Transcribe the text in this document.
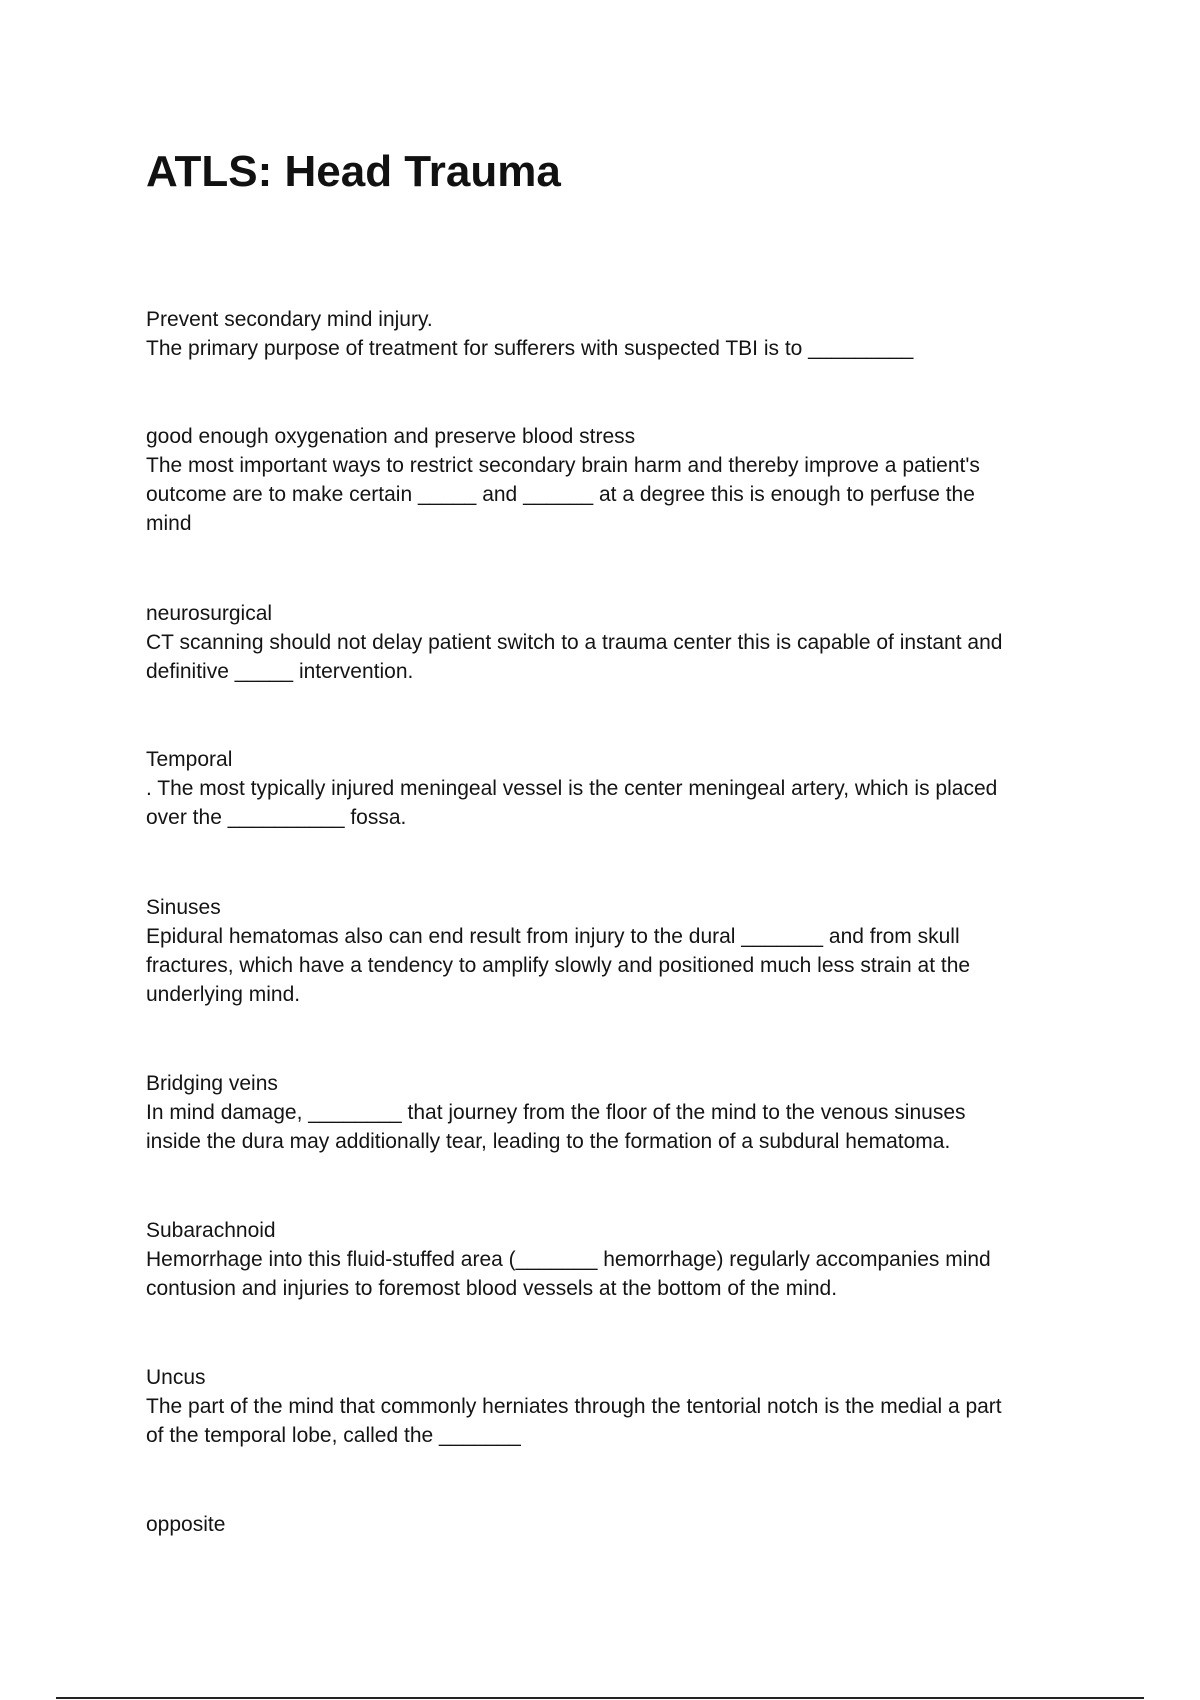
ATLS: Head Trauma
Prevent secondary mind injury.
The primary purpose of treatment for sufferers with suspected TBI is to _________
good enough oxygenation and preserve blood stress
The most important ways to restrict secondary brain harm and thereby improve a patient's
outcome are to make certain _____ and ______ at a degree this is enough to perfuse the
mind
neurosurgical
CT scanning should not delay patient switch to a trauma center this is capable of instant and
definitive _____ intervention.
Temporal
. The most typically injured meningeal vessel is the center meningeal artery, which is placed
over the __________ fossa.
Sinuses
Epidural hematomas also can end result from injury to the dural _______ and from skull
fractures, which have a tendency to amplify slowly and positioned much less strain at the
underlying mind.
Bridging veins
In mind damage, ________ that journey from the floor of the mind to the venous sinuses
inside the dura may additionally tear, leading to the formation of a subdural hematoma.
Subarachnoid
Hemorrhage into this fluid-stuffed area (_______ hemorrhage) regularly accompanies mind
contusion and injuries to foremost blood vessels at the bottom of the mind.
Uncus
The part of the mind that commonly herniates through the tentorial notch is the medial a part
of the temporal lobe, called the _______
opposite
